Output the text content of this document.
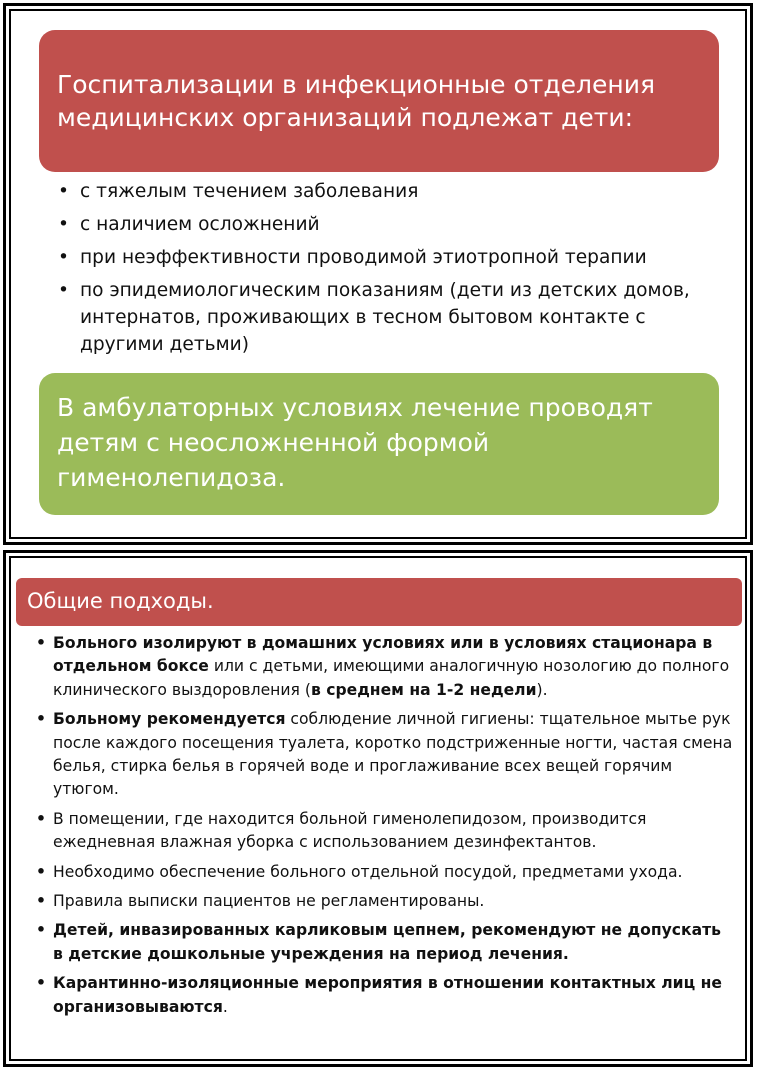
Госпитализации в инфекционные отделения медицинских организаций подлежат дети:
• с тяжелым течением заболевания
• с наличием осложнений
• при неэффективности проводимой этиотропной терапии
• по эпидемиологическим показаниям (дети из детских домов, интернатов, проживающих в тесном бытовом контакте с другими детьми)
В амбулаторных условиях лечение проводят детям с неосложненной формой гименолепидоза.
Общие подходы.
• Больного изолируют в домашних условиях или в условиях стационара в отдельном боксе или с детьми, имеющими аналогичную нозологию до полного клинического выздоровления (в среднем на 1-2 недели).
• Больному рекомендуется соблюдение личной гигиены: тщательное мытье рук после каждого посещения туалета, коротко подстриженные ногти, частая смена белья, стирка белья в горячей воде и проглаживание всех вещей горячим утюгом.
• В помещении, где находится больной гименолепидозом, производится ежедневная влажная уборка с использованием дезинфектантов.
• Необходимо обеспечение больного отдельной посудой, предметами ухода.
• Правила выписки пациентов не регламентированы.
• Детей, инвазированных карликовым цепнем, рекомендуют не допускать в детские дошкольные учреждения на период лечения.
• Карантинно-изоляционные мероприятия в отношении контактных лиц не организовываются.
